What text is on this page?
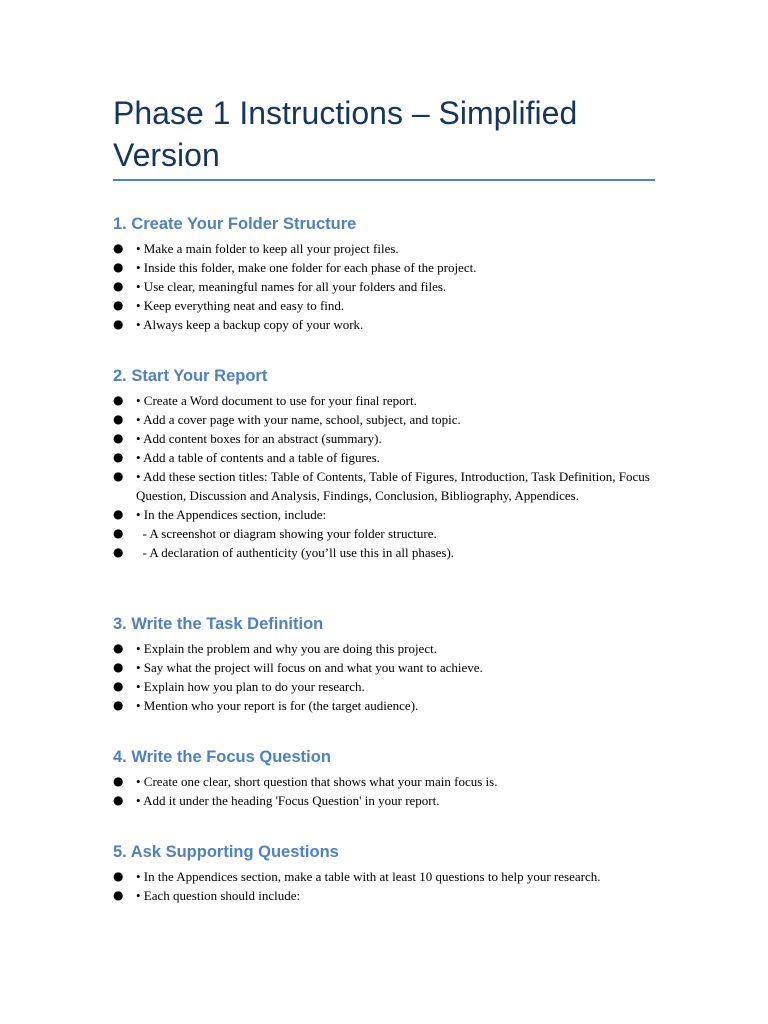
Phase 1 Instructions – Simplified Version
1. Create Your Folder Structure
● • Make a main folder to keep all your project files.
● • Inside this folder, make one folder for each phase of the project.
● • Use clear, meaningful names for all your folders and files.
● • Keep everything neat and easy to find.
● • Always keep a backup copy of your work.
2. Start Your Report
● • Create a Word document to use for your final report.
● • Add a cover page with your name, school, subject, and topic.
● • Add content boxes for an abstract (summary).
● • Add a table of contents and a table of figures.
● • Add these section titles: Table of Contents, Table of Figures, Introduction, Task Definition, Focus Question, Discussion and Analysis, Findings, Conclusion, Bibliography, Appendices.
● • In the Appendices section, include:
● - A screenshot or diagram showing your folder structure.
● - A declaration of authenticity (you’ll use this in all phases).
3. Write the Task Definition
● • Explain the problem and why you are doing this project.
● • Say what the project will focus on and what you want to achieve.
● • Explain how you plan to do your research.
● • Mention who your report is for (the target audience).
4. Write the Focus Question
● • Create one clear, short question that shows what your main focus is.
● • Add it under the heading 'Focus Question' in your report.
5. Ask Supporting Questions
● • In the Appendices section, make a table with at least 10 questions to help your research.
● • Each question should include:
